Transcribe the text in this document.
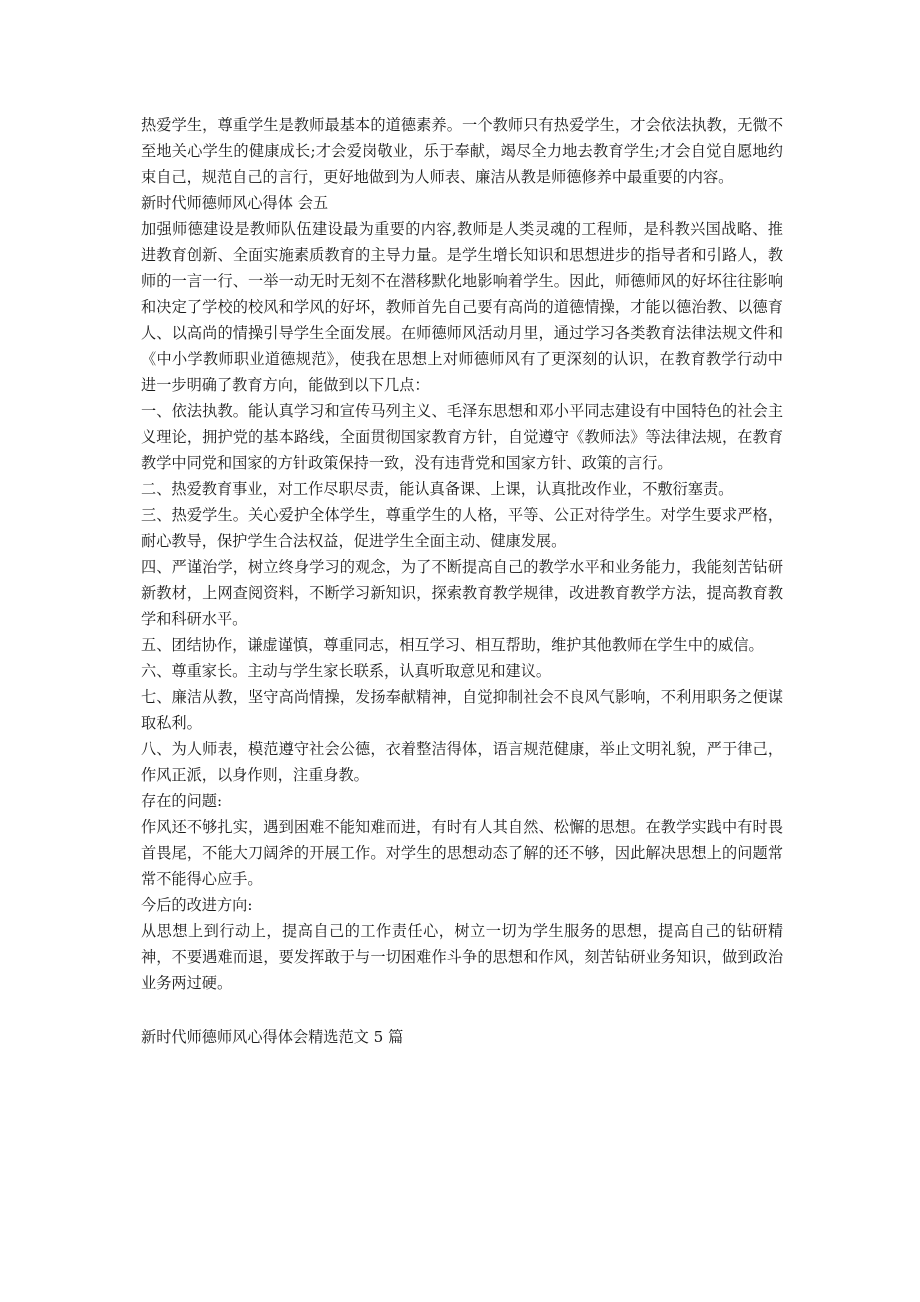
热爱学生，尊重学生是教师最基本的道德素养。一个教师只有热爱学生，才会依法执教，无微不至地关心学生的健康成长;才会爱岗敬业，乐于奉献，竭尽全力地去教育学生;才会自觉自愿地约束自己，规范自己的言行，更好地做到为人师表、廉洁从教是师德修养中最重要的内容。

新时代师德师风心得体 会五

加强师德建设是教师队伍建设最为重要的内容,教师是人类灵魂的工程师，是科教兴国战略、推进教育创新、全面实施素质教育的主导力量。是学生增长知识和思想进步的指导者和引路人，教师的一言一行、一举一动无时无刻不在潜移默化地影响着学生。因此，师德师风的好坏往往影响和决定了学校的校风和学风的好坏，教师首先自己要有高尚的道德情操，才能以德治教、以德育人、以高尚的情操引导学生全面发展。在师德师风活动月里，通过学习各类教育法律法规文件和《中小学教师职业道德规范》，使我在思想上对师德师风有了更深刻的认识，在教育教学行动中进一步明确了教育方向，能做到以下几点：

一、依法执教。能认真学习和宣传马列主义、毛泽东思想和邓小平同志建设有中国特色的社会主义理论，拥护党的基本路线，全面贯彻国家教育方针，自觉遵守《教师法》等法律法规，在教育教学中同党和国家的方针政策保持一致，没有违背党和国家方针、政策的言行。

二、热爱教育事业，对工作尽职尽责，能认真备课、上课，认真批改作业，不敷衍塞责。

三、热爱学生。关心爱护全体学生，尊重学生的人格，平等、公正对待学生。对学生要求严格，耐心教导，保护学生合法权益，促进学生全面主动、健康发展。

四、严谨治学，树立终身学习的观念，为了不断提高自己的教学水平和业务能力，我能刻苦钻研新教材，上网查阅资料，不断学习新知识，探索教育教学规律，改进教育教学方法，提高教育教学和科研水平。

五、团结协作，谦虚谨慎，尊重同志，相互学习、相互帮助，维护其他教师在学生中的威信。

六、尊重家长。主动与学生家长联系，认真听取意见和建议。

七、廉洁从教，坚守高尚情操，发扬奉献精神，自觉抑制社会不良风气影响，不利用职务之便谋取私利。

八、为人师表，模范遵守社会公德，衣着整洁得体，语言规范健康，举止文明礼貌，严于律己，作风正派，以身作则，注重身教。

存在的问题:

作风还不够扎实，遇到困难不能知难而进，有时有人其自然、松懈的思想。在教学实践中有时畏首畏尾，不能大刀阔斧的开展工作。对学生的思想动态了解的还不够，因此解决思想上的问题常常不能得心应手。

今后的改进方向:

从思想上到行动上，提高自己的工作责任心，树立一切为学生服务的思想，提高自己的钻研精神，不要遇难而退，要发挥敢于与一切困难作斗争的思想和作风，刻苦钻研业务知识，做到政治业务两过硬。

新时代师德师风心得体会精选范文 5 篇
